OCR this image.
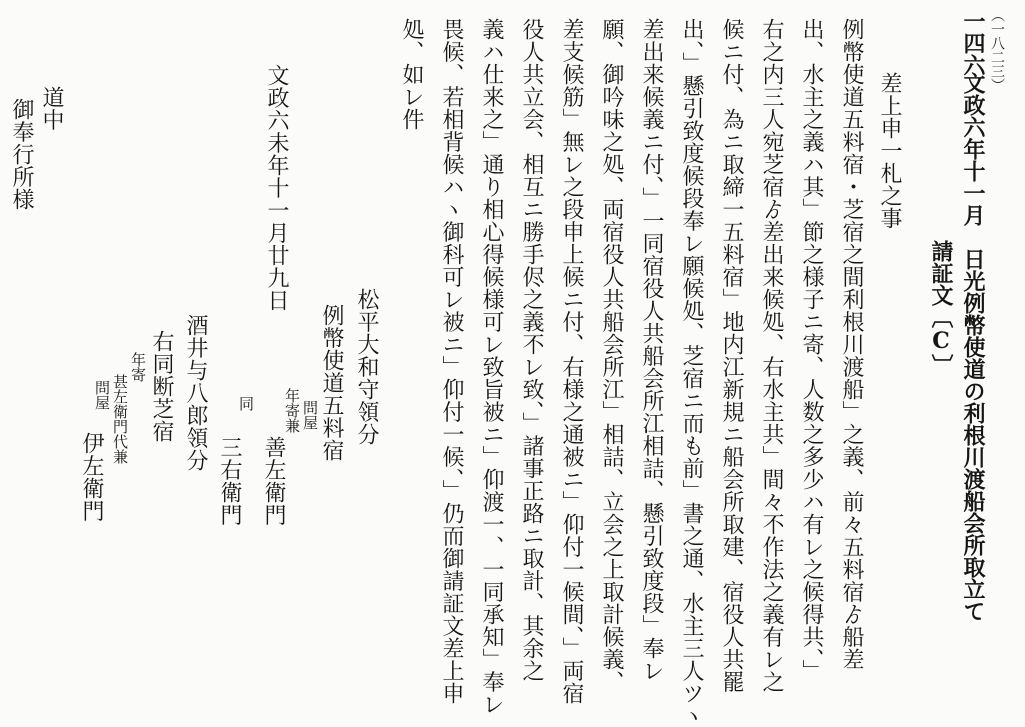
（一八二三）
一四六
文政六年十一月　日光例幣使道の利根川渡船会所取立て
請証文〔C〕
差上申一札之事
例幣使道五料宿・芝宿之間利根川渡船」之義、前々五料宿ゟ船差
出、水主之義ハ其」節之様子ニ寄、人数之多少ハ有レ之候得共、」
右之内三人宛芝宿ゟ差出来候処、右水主共」間々不作法之義有レ之
候ニ付、為ニ取締一五料宿」地内江新規ニ船会所取建、宿役人共罷
出、」懸引致度候段奉レ願候処、芝宿ニ而も前」書之通、水主三人ツヽ
差出来候義ニ付、」一同宿役人共船会所江相詰、懸引致度段」奉レ
願、御吟味之処、両宿役人共船会所江」相詰、立会之上取計候義、
差支候筋」無レ之段申上候ニ付、右様之通被ニ」仰付一候間、」両宿
役人共立会、相互ニ勝手侭之義不レ致、」諸事正路ニ取計、其余之
義ハ仕来之」通り相心得候様可レ致旨被ニ」仰渡一、一同承知」奉レ
畏候、若相背候ハヽ御科可レ被ニ」仰付一候、」仍而御請証文差上申
処、如レ件
松平大和守領分
例幣使道五料宿
問屋
年寄兼
善左衛門
文政六未年十一月廿九日
同
三右衛門
酒井与八郎領分
右同断芝宿
年寄
甚左衛門代兼
問屋
伊左衛門
道中
御奉行所様
